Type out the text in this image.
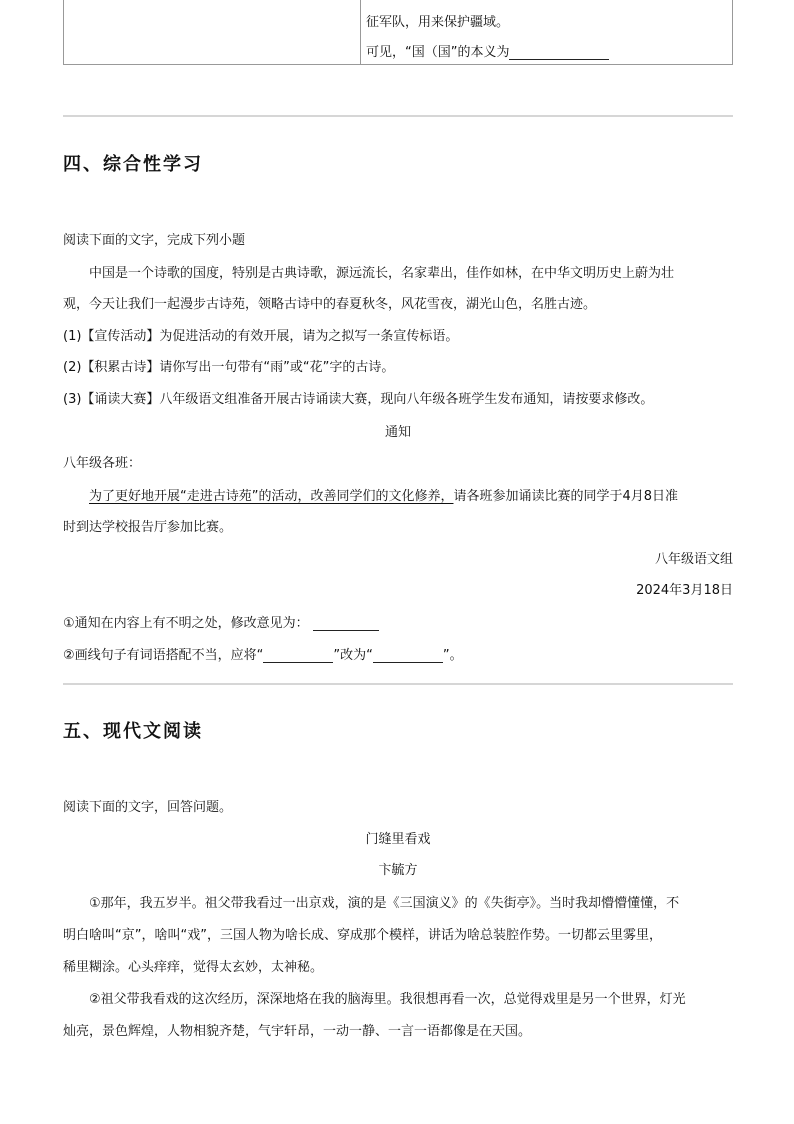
征军队，用来保护疆域。
可见，“国（国”的本义为
四、综合性学习
阅读下面的文字，完成下列小题
中国是一个诗歌的国度，特别是古典诗歌，源远流长，名家辈出，佳作如林，在中华文明历史上蔚为壮
观，今天让我们一起漫步古诗苑，领略古诗中的春夏秋冬，风花雪夜，湖光山色，名胜古迹。
(1)【宣传活动】为促进活动的有效开展，请为之拟写一条宣传标语。
(2)【积累古诗】请你写出一句带有“雨”或“花”字的古诗。
(3)【诵读大赛】八年级语文组准备开展古诗诵读大赛，现向八年级各班学生发布通知，请按要求修改。
通知
八年级各班：
为了更好地开展“走进古诗苑”的活动，改善同学们的文化修养，请各班参加诵读比赛的同学于4月8日准
时到达学校报告厅参加比赛。
八年级语文组
2024年3月18日
①通知在内容上有不明之处，修改意见为：
②画线句子有词语搭配不当，应将“	”改为“	”。
五、现代文阅读
阅读下面的文字，回答问题。
门缝里看戏
卞毓方
①那年，我五岁半。祖父带我看过一出京戏，演的是《三国演义》的《失街亭》。当时我却懵懵懂懂，不
明白啥叫“京”，啥叫“戏”，三国人物为啥长成、穿成那个模样，讲话为啥总装腔作势。一切都云里雾里，
稀里糊涂。心头痒痒，觉得太玄妙，太神秘。
②祖父带我看戏的这次经历，深深地烙在我的脑海里。我很想再看一次，总觉得戏里是另一个世界，灯光
灿亮，景色辉煌，人物相貌齐楚，气宇轩昂，一动一静、一言一语都像是在天国。
